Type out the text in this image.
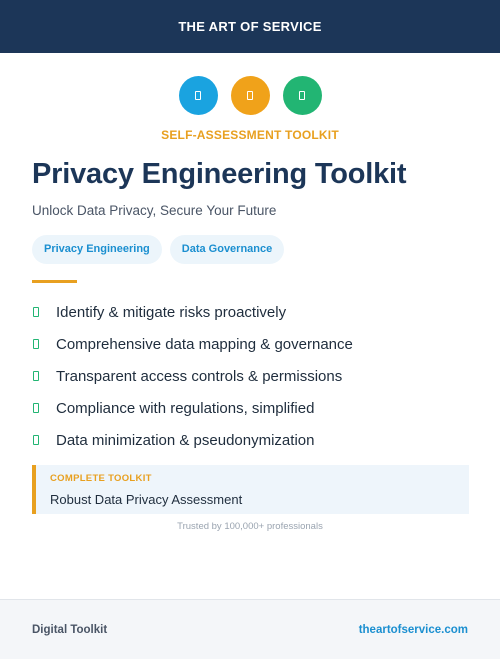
THE ART OF SERVICE
SELF-ASSESSMENT TOOLKIT
Privacy Engineering Toolkit

Unlock Data Privacy, Secure Your Future

Privacy Engineering	Data Governance
Identify & mitigate risks proactively
Comprehensive data mapping & governance
Transparent access controls & permissions
Compliance with regulations, simplified
Data minimization & pseudonymization
COMPLETE TOOLKIT
Robust Data Privacy Assessment
Trusted by 100,000+ professionals
Digital Toolkit	theartofservice.com
